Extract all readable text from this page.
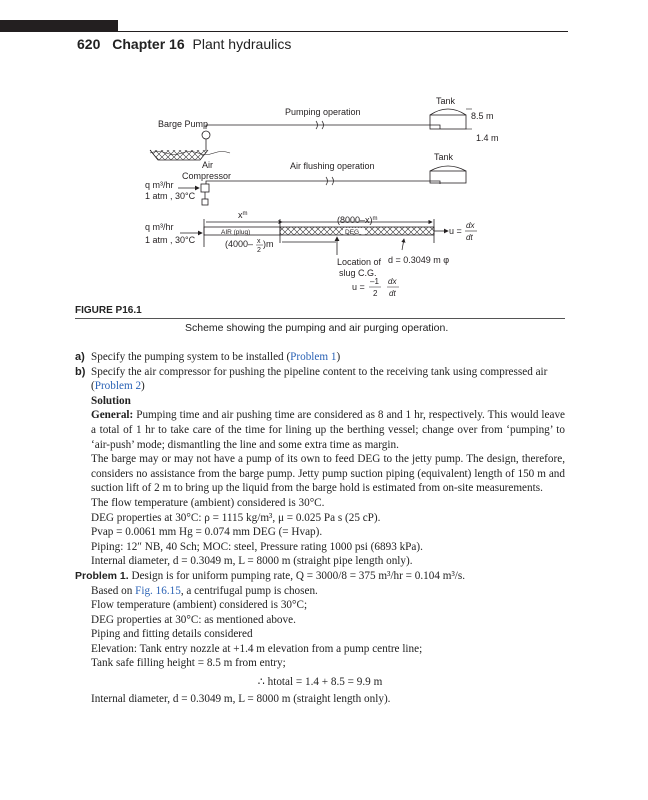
620 Chapter 16 Plant hydraulics
Tank
8.5 m
1.4 m
Pumping operation
Barge Pump
Air
Compressor
Air flushing operation
Tank
q m³/hr
1 atm , 30°C
q m³/hr
1 atm , 30°C
$x^m$
$(8000-x)^m$
AIR (plug)	DEG	u =
dx
dt
(4000– x
2
)m
Location of
slug C.G.
d = 0.3049 m φ
u =
–1
2
dx
dt
FIGURE P16.1
Scheme showing the pumping and air purging operation.

a) Specify the pumping system to be installed (Problem 1)

b) Specify the air compressor for pushing the pipeline content to the receiving tank using compressed air (Problem 2)

Solution

General: Pumping time and air pushing time are considered as 8 and 1 hr, respectively. This would leave a total of 1 hr to take care of the time for lining up the berthing vessel; change over from ‘pumping’ to ‘air-push’ mode; dismantling the line and some extra time as margin.

The barge may or may not have a pump of its own to feed DEG to the jetty pump. The design, therefore, considers no assistance from the barge pump. Jetty pump suction piping (equivalent) length of 150 m and suction lift of 2 m to bring up the liquid from the barge hold is estimated from on-site measurements.

The flow temperature (ambient) considered is 30°C.

DEG properties at 30°C: ρ = 1115 kg/m³, μ = 0.025 Pa s (25 cP).

Pvap = 0.0061 mm Hg = 0.074 mm DEG (= Hvap).

Piping: 12″ NB, 40 Sch; MOC: steel, Pressure rating 1000 psi (6893 kPa).

Internal diameter, d = 0.3049 m, L = 8000 m (straight pipe length only).

Problem 1. Design is for uniform pumping rate, Q = 3000/8 = 375 m³/hr = 0.104 m³/s.

Based on Fig. 16.15, a centrifugal pump is chosen.

Flow temperature (ambient) considered is 30°C;

DEG properties at 30°C: as mentioned above.

Piping and fitting details considered

Elevation: Tank entry nozzle at +1.4 m elevation from a pump centre line;

Tank safe filling height = 8.5 m from entry;

∴ htotal = 1.4 + 8.5 = 9.9 m

Internal diameter, d = 0.3049 m, L = 8000 m (straight length only).
